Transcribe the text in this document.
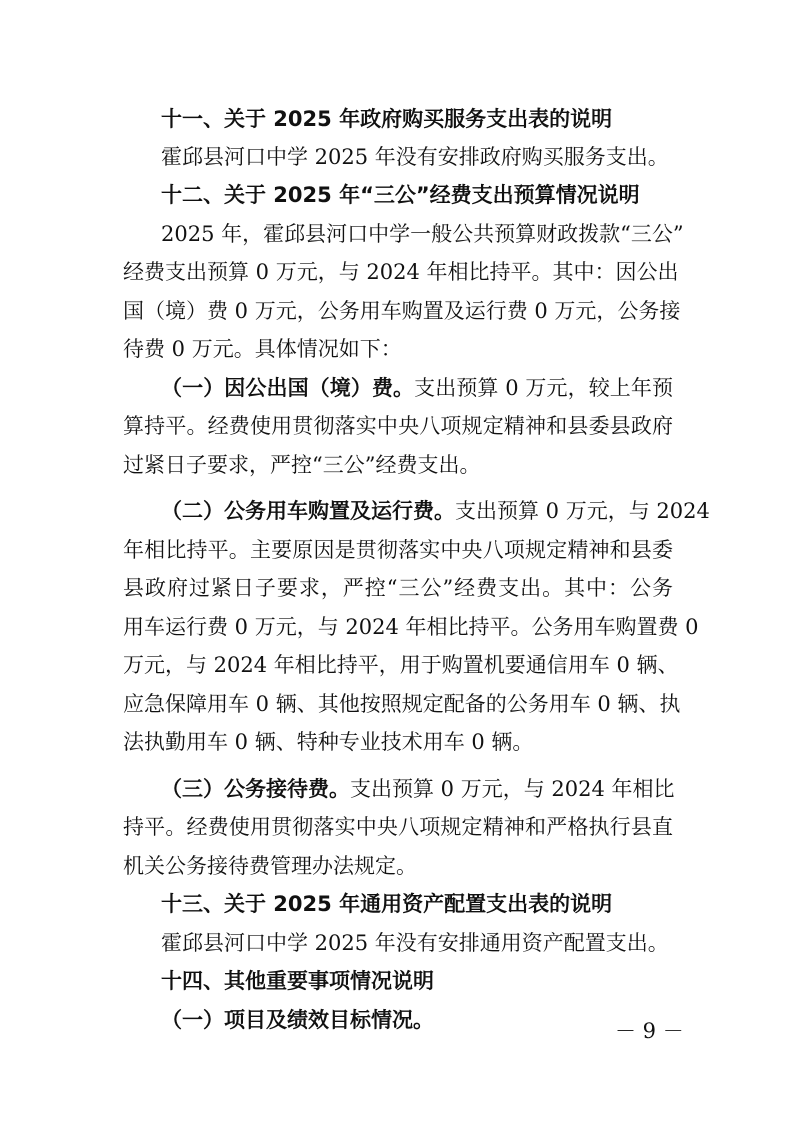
十一、关于 2025 年政府购买服务支出表的说明
霍邱县河口中学 2025 年没有安排政府购买服务支出。
十二、关于 2025 年“三公”经费支出预算情况说明
2025 年，霍邱县河口中学一般公共预算财政拨款“三公”
经费支出预算 0 万元，与 2024 年相比持平。其中：因公出
国（境）费 0 万元，公务用车购置及运行费 0 万元，公务接
待费 0 万元。具体情况如下：
（一）因公出国（境）费。支出预算 0 万元，较上年预
算持平。经费使用贯彻落实中央八项规定精神和县委县政府
过紧日子要求，严控“三公”经费支出。
（二）公务用车购置及运行费。支出预算 0 万元，与 2024
年相比持平。主要原因是贯彻落实中央八项规定精神和县委
县政府过紧日子要求，严控“三公”经费支出。其中：公务
用车运行费 0 万元，与 2024 年相比持平。公务用车购置费 0
万元，与 2024 年相比持平，用于购置机要通信用车 0 辆、
应急保障用车 0 辆、其他按照规定配备的公务用车 0 辆、执
法执勤用车 0 辆、特种专业技术用车 0 辆。
（三）公务接待费。支出预算 0 万元，与 2024 年相比
持平。经费使用贯彻落实中央八项规定精神和严格执行县直
机关公务接待费管理办法规定。
十三、关于 2025 年通用资产配置支出表的说明
霍邱县河口中学 2025 年没有安排通用资产配置支出。
十四、其他重要事项情况说明
（一）项目及绩效目标情况。	－ 9 －
